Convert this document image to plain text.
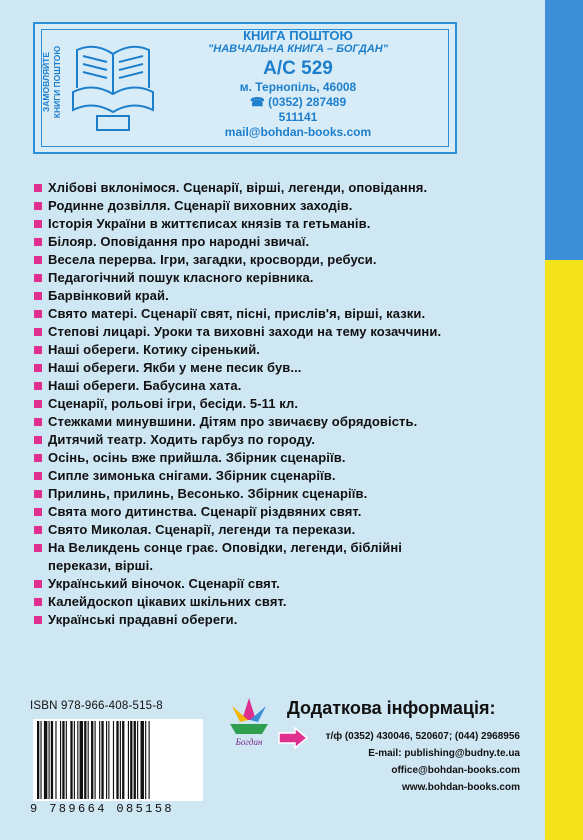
ЗАМОВЛЯЙТЕ КНИГИ ПОШТОЮ
КНИГА ПОШТОЮ
"НАВЧАЛЬНА КНИГА – БОГДАН"
А/С 529
м. Тернопіль, 46008
☎ (0352) 287489
511141
mail@bohdan-books.com
Хлібові вклонімося. Сценарії, вірші, легенди, оповідання.
Родинне дозвілля. Сценарії виховних заходів.
Історія України в життєписах князів та гетьманів.
Білояр. Оповідання про народні звичаї.
Весела перерва. Ігри, загадки, кросворди, ребуси.
Педагогічний пошук класного керівника.
Барвінковий край.
Свято матері. Сценарії свят, пісні, прислів'я, вірші, казки.
Степові лицарі. Уроки та виховні заходи на тему козаччини.
Наші обереги. Котику сіренький.
Наші обереги. Якби у мене песик був...
Наші обереги. Бабусина хата.
Сценарії, рольові ігри, бесіди. 5-11 кл.
Стежками минувшини. Дітям про звичаєву обрядовість.
Дитячий театр. Ходить гарбуз по городу.
Осінь, осінь вже прийшла. Збірник сценаріїв.
Сипле зимонька снігами. Збірник сценаріїв.
Прилинь, прилинь, Весонько. Збірник сценаріїв.
Свята мого дитинства. Сценарії різдвяних свят.
Свято Миколая. Сценарії, легенди та перекази.
На Великдень сонце грає. Оповідки, легенди, біблійні
перекази, вірші.
Український віночок. Сценарії свят.
Калейдоскоп цікавих шкільних свят.
Українські прадавні обереги.
ISBN 978-966-408-515-8
9 789664 085158
Богдан
Додаткова інформація:
т/ф (0352) 430046, 520607; (044) 2968956
E-mail: publishing@budny.te.ua
office@bohdan-books.com
www.bohdan-books.com
